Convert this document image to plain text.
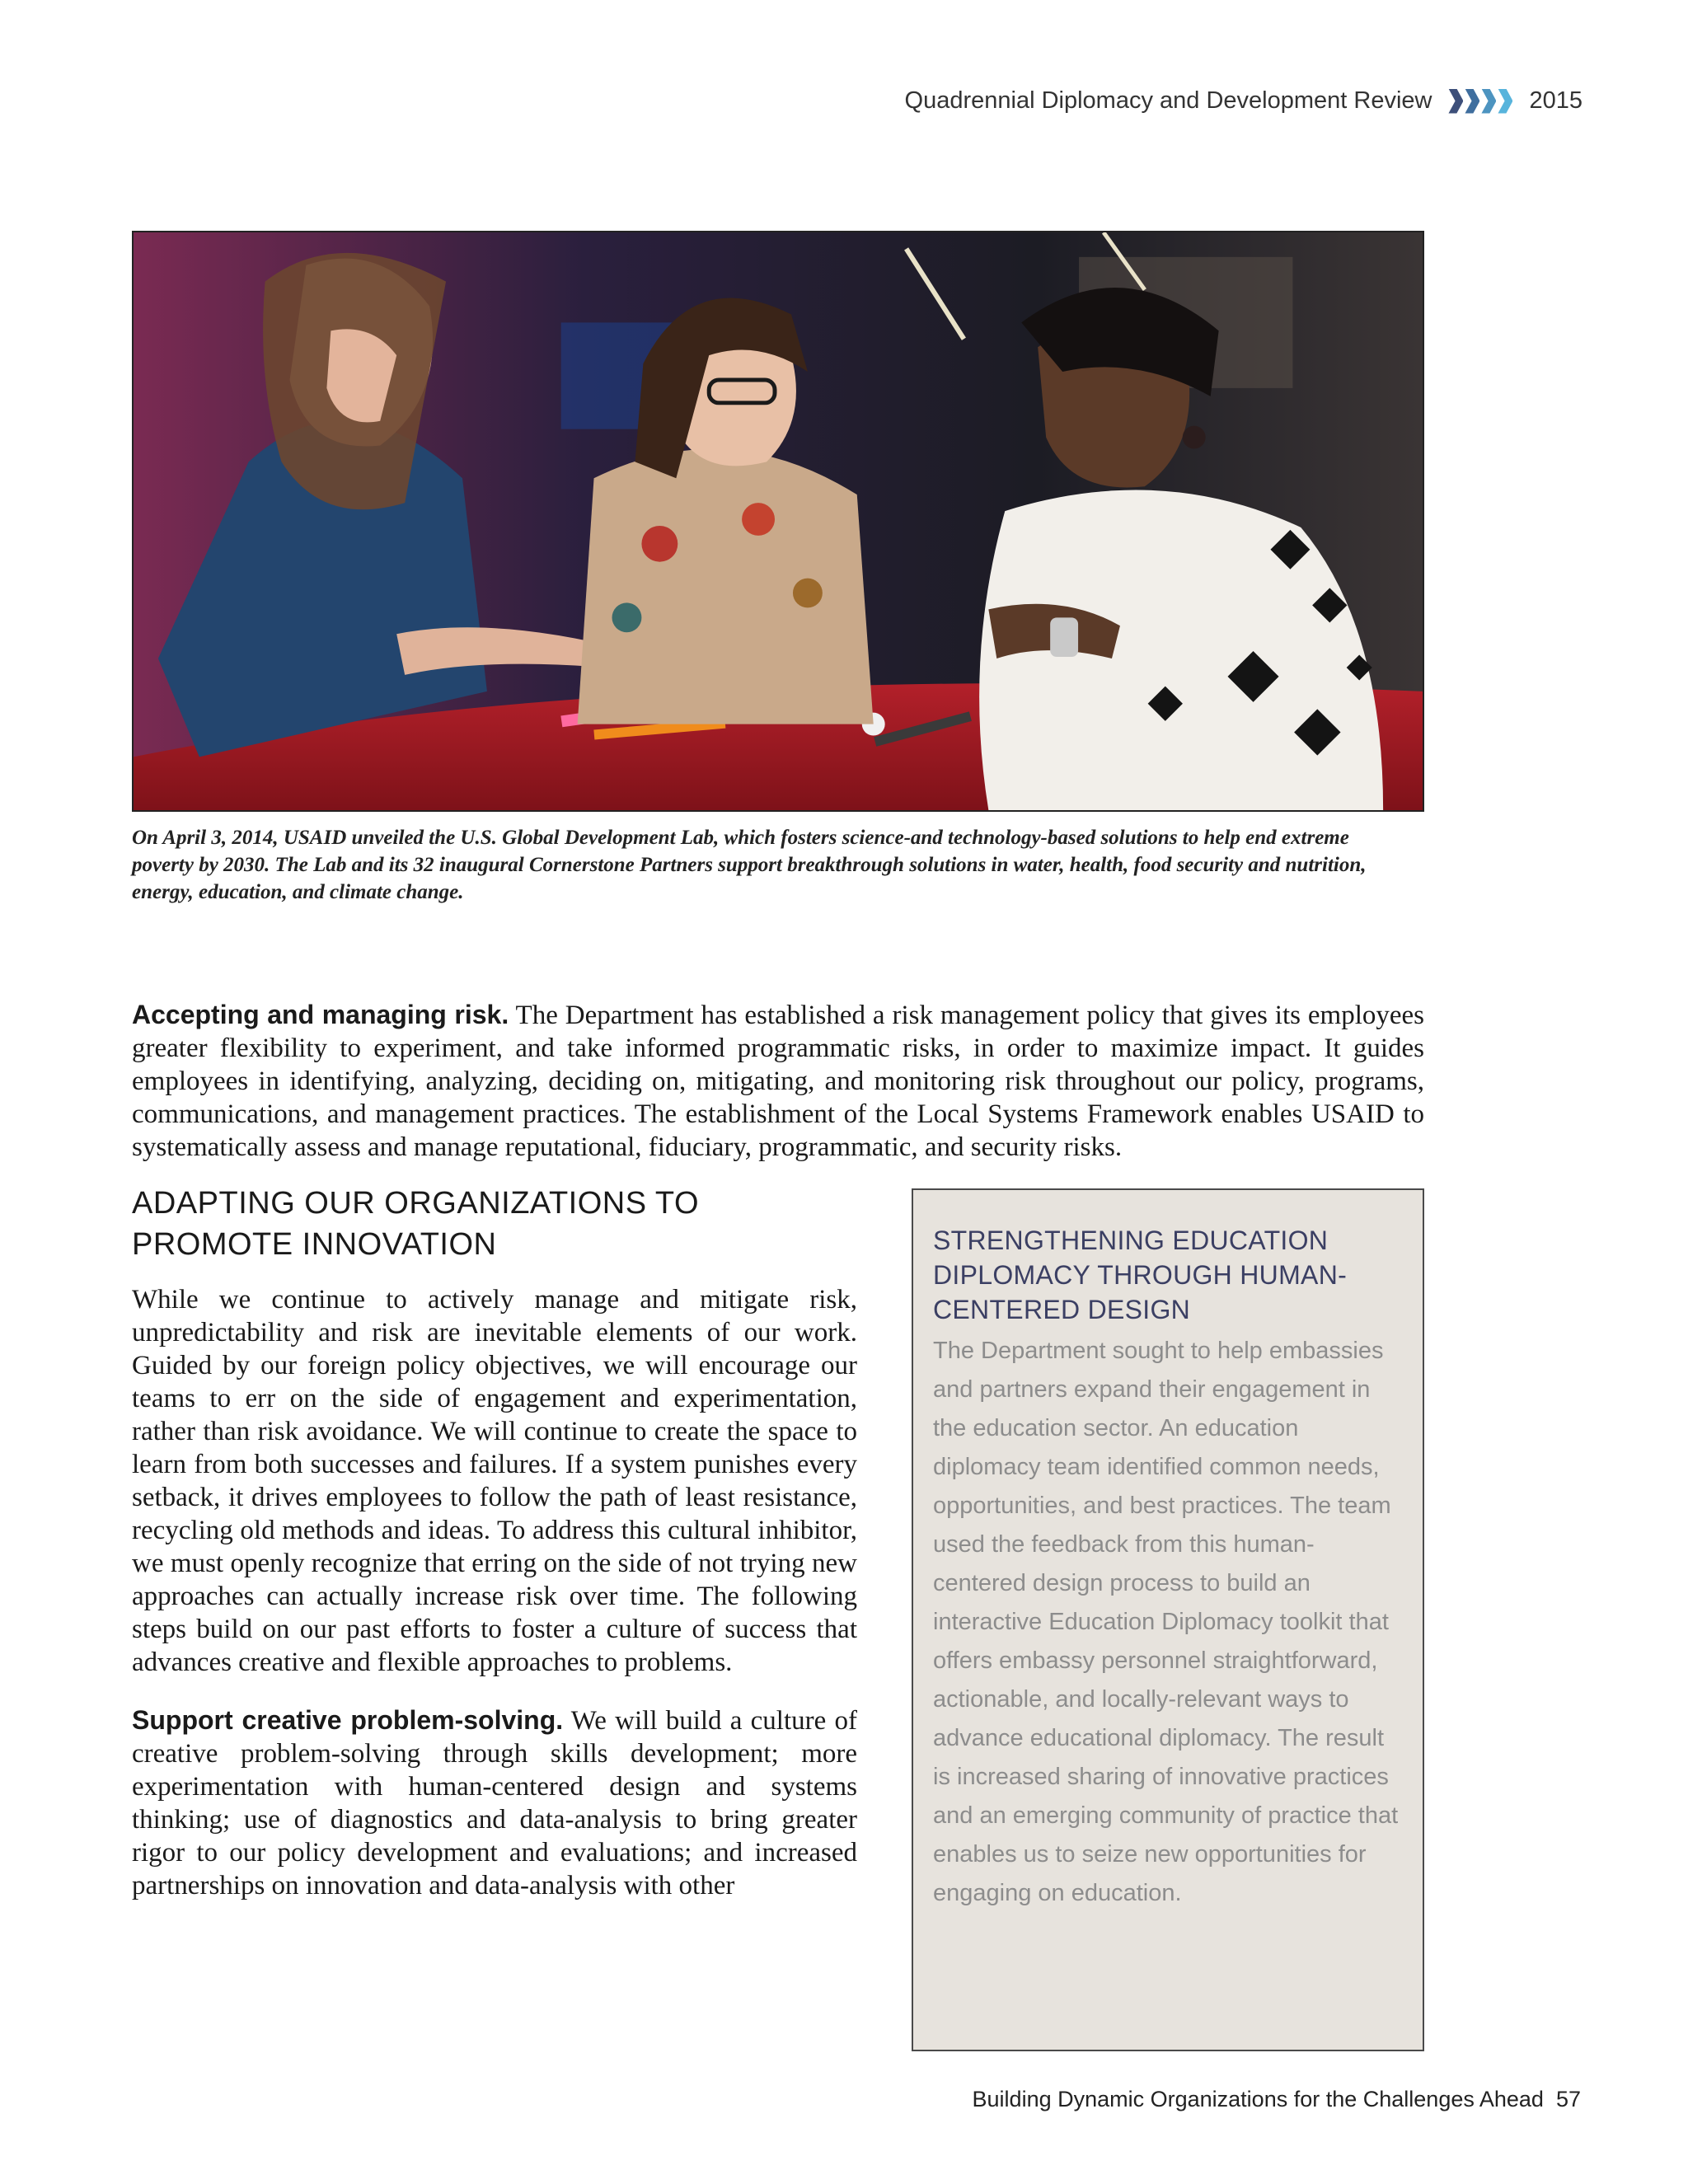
Quadrennial Diplomacy and Development Review	2015
On April 3, 2014, USAID unveiled the U.S. Global Development Lab, which fosters science-and technology-based solutions to help end extreme poverty by 2030. The Lab and its 32 inaugural Cornerstone Partners support breakthrough solutions in water, health, food security and nutrition, energy, education, and climate change.

Accepting and managing risk. The Department has established a risk management policy that gives its employees greater flexibility to experiment, and take informed programmatic risks, in order to maximize impact. It guides employees in identifying, analyzing, deciding on, mitigating, and monitoring risk throughout our policy, programs, communications, and management practices. The establishment of the Local Systems Framework enables USAID to systematically assess and manage reputational, fiduciary, programmatic, and security risks.

ADAPTING OUR ORGANIZATIONS TO PROMOTE INNOVATION

While we continue to actively manage and mitigate risk, unpredictability and risk are inevitable elements of our work. Guided by our foreign policy objectives, we will encourage our teams to err on the side of engagement and experimentation, rather than risk avoidance. We will continue to create the space to learn from both successes and failures. If a system punishes every setback, it drives employees to follow the path of least resistance, recycling old methods and ideas. To address this cultural inhibitor, we must openly recognize that erring on the side of not trying new approaches can actually increase risk over time. The following steps build on our past efforts to foster a culture of success that advances creative and flexible approaches to problems.

Support creative problem-solving. We will build a culture of creative problem-solving through skills development; more experimentation with human-centered design and systems thinking; use of diagnostics and data-analysis to bring greater rigor to our policy development and evaluations; and increased partnerships on innovation and data-analysis with other

STRENGTHENING EDUCATION DIPLOMACY THROUGH HUMAN-CENTERED DESIGN

The Department sought to help embassies and partners expand their engagement in the education sector. An education diplomacy team identified common needs, opportunities, and best practices. The team used the feedback from this human-centered design process to build an interactive Education Diplomacy toolkit that offers embassy personnel straightforward, actionable, and locally-relevant ways to advance educational diplomacy. The result is increased sharing of innovative practices and an emerging community of practice that enables us to seize new opportunities for engaging on education.

Building Dynamic Organizations for the Challenges Ahead 57
